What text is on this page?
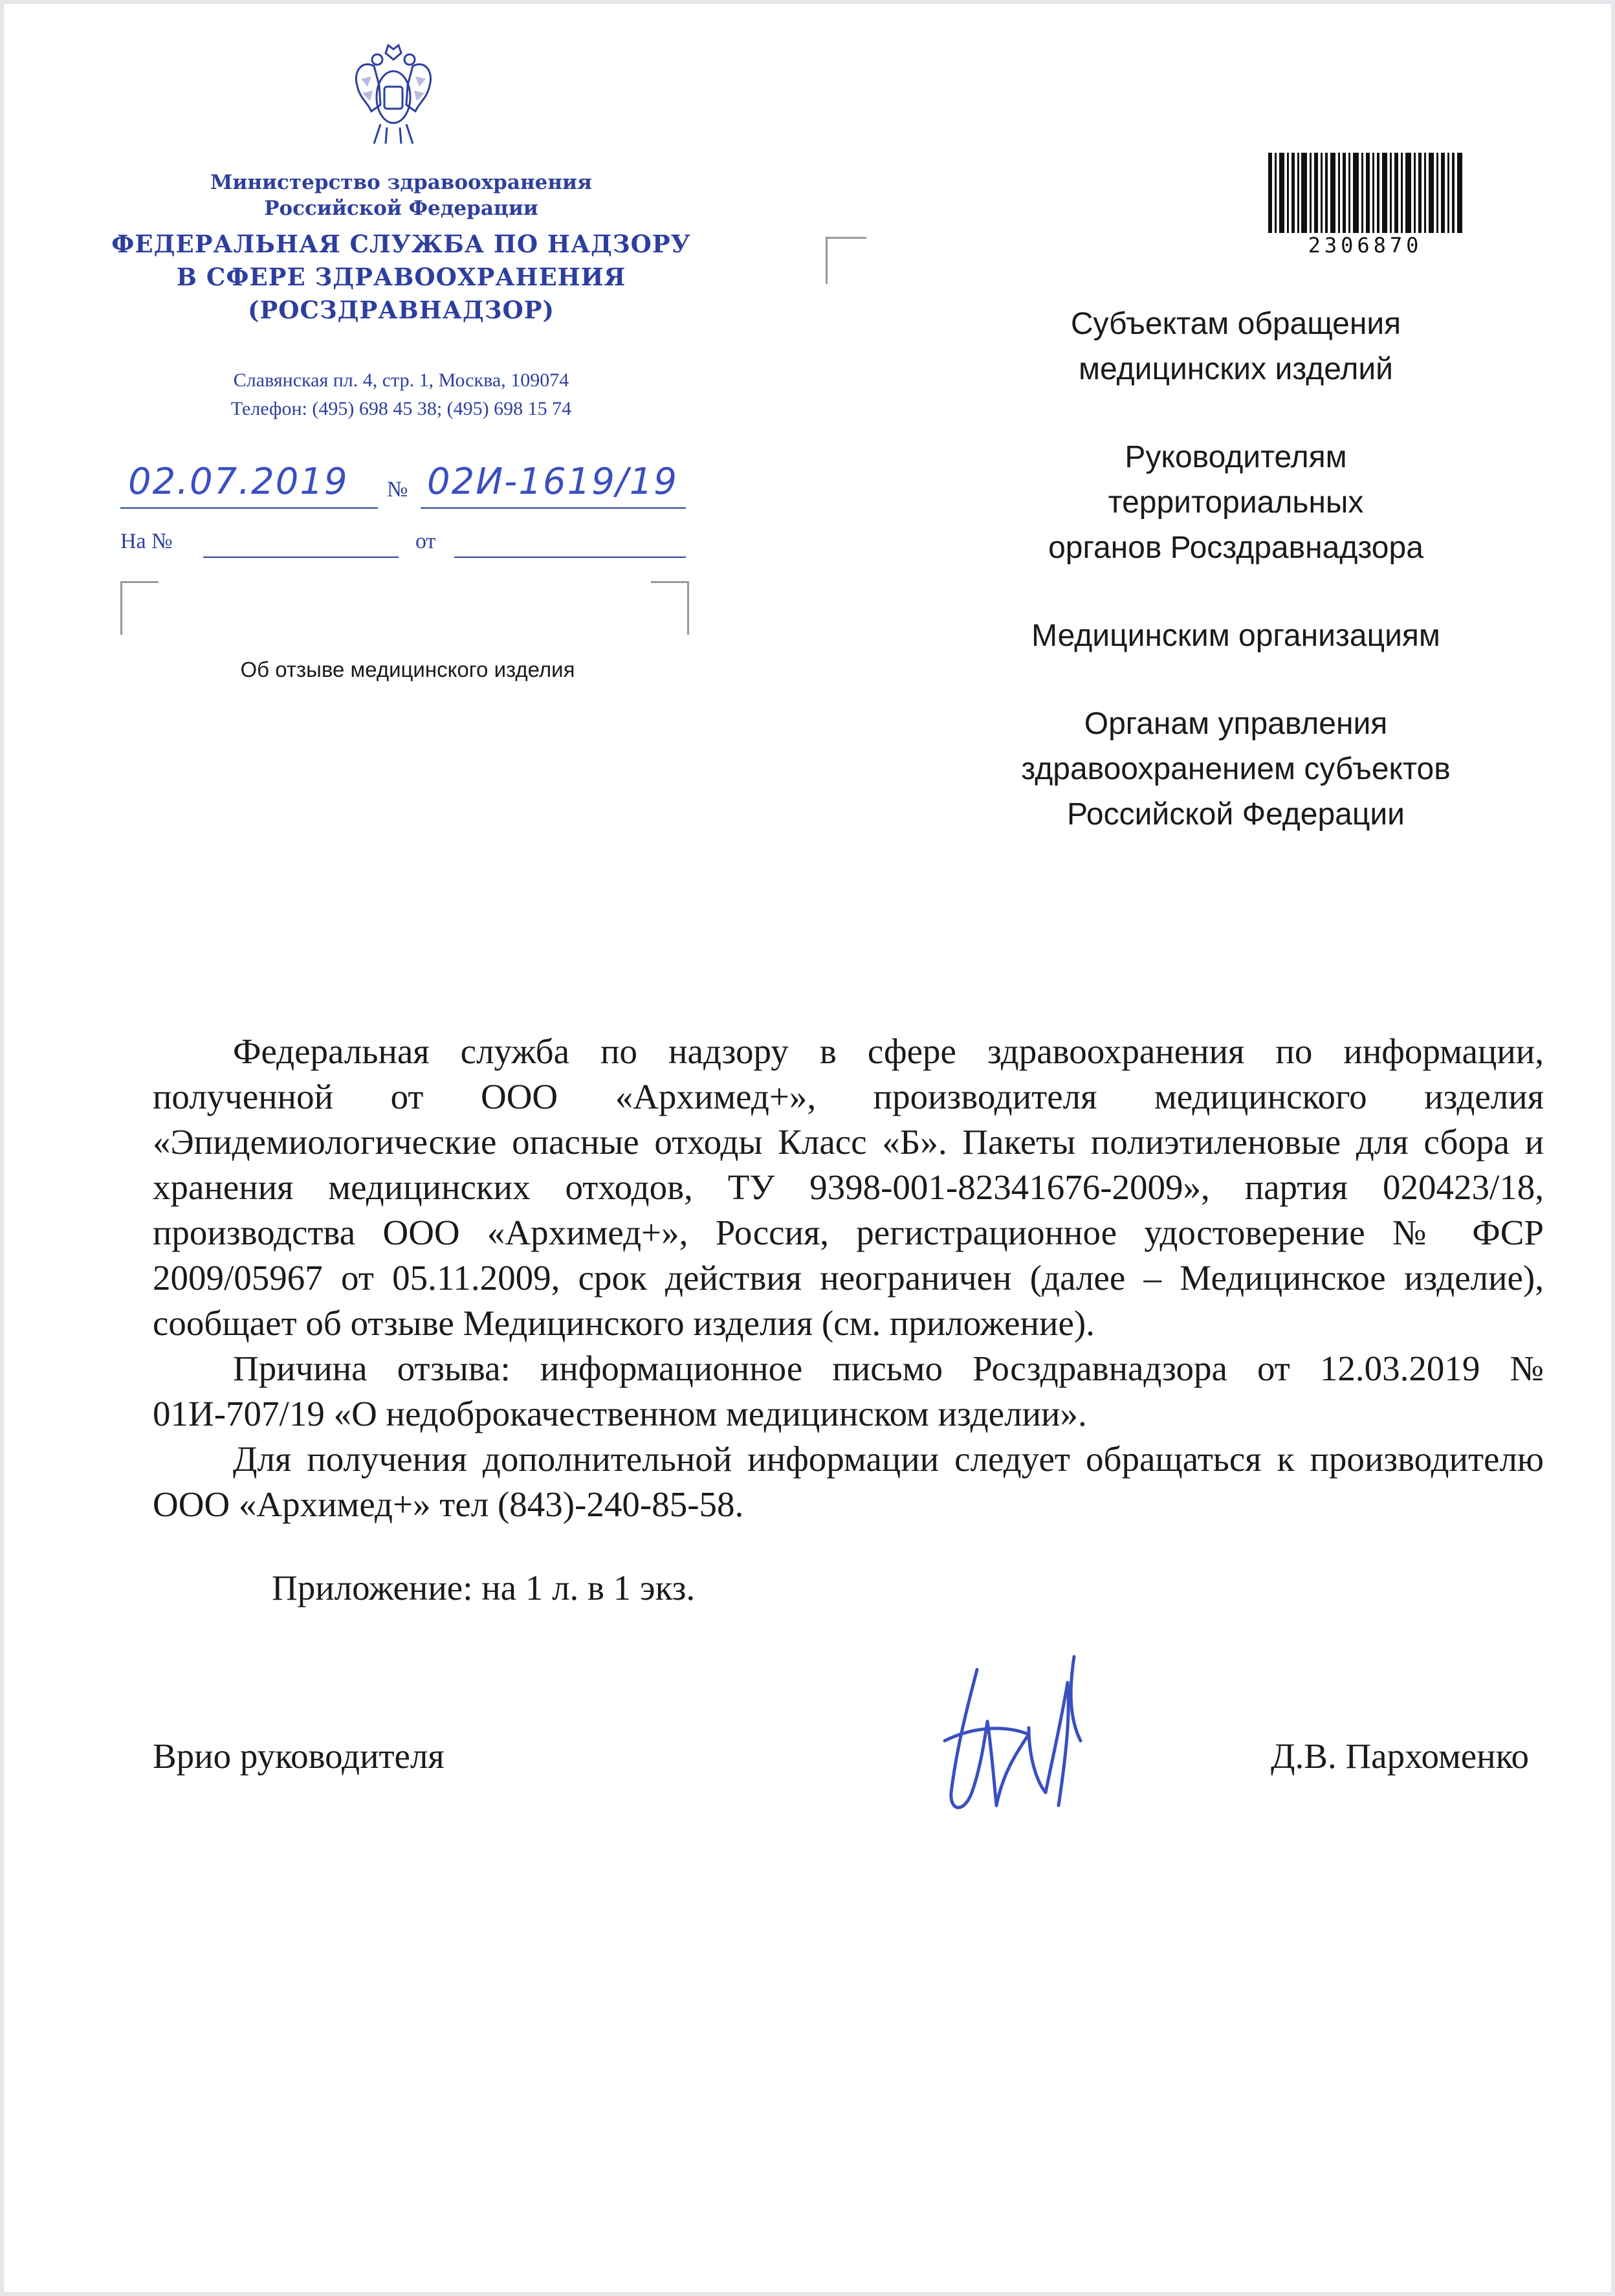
Министерство здравоохранения
Российской Федерации
ФЕДЕРАЛЬНАЯ СЛУЖБА ПО НАДЗОРУ
В СФЕРЕ ЗДРАВООХРАНЕНИЯ
(РОСЗДРАВНАДЗОР)
Славянская пл. 4, стр. 1, Москва, 109074
Телефон: (495) 698 45 38; (495) 698 15 74
02.07.2019 № 02И-1619/19
На №	от
Об отзыве медицинского изделия
2306870
Субъектам обращения
медицинских изделий
Руководителям
территориальных
органов Росздравнадзора
Медицинским организациям
Органам управления
здравоохранением субъектов
Российской Федерации

Федеральная служба по надзору в сфере здравоохранения по информации, полученной от ООО «Архимед+», производителя медицинского изделия «Эпидемиологические опасные отходы Класс «Б». Пакеты полиэтиленовые для сбора и хранения медицинских отходов, ТУ 9398-001-82341676-2009», партия 020423/18, производства ООО «Архимед+», Россия, регистрационное удостоверение № ФСР 2009/05967 от 05.11.2009, срок действия неограничен (далее – Медицинское изделие), сообщает об отзыве Медицинского изделия (см. приложение).

Причина отзыва: информационное письмо Росздравнадзора от 12.03.2019 № 01И-707/19 «О недоброкачественном медицинском изделии».

Для получения дополнительной информации следует обращаться к производителю ООО «Архимед+» тел (843)-240-85-58.

Приложение: на 1 л. в 1 экз.
Врио руководителя	Д.В. Пархоменко
